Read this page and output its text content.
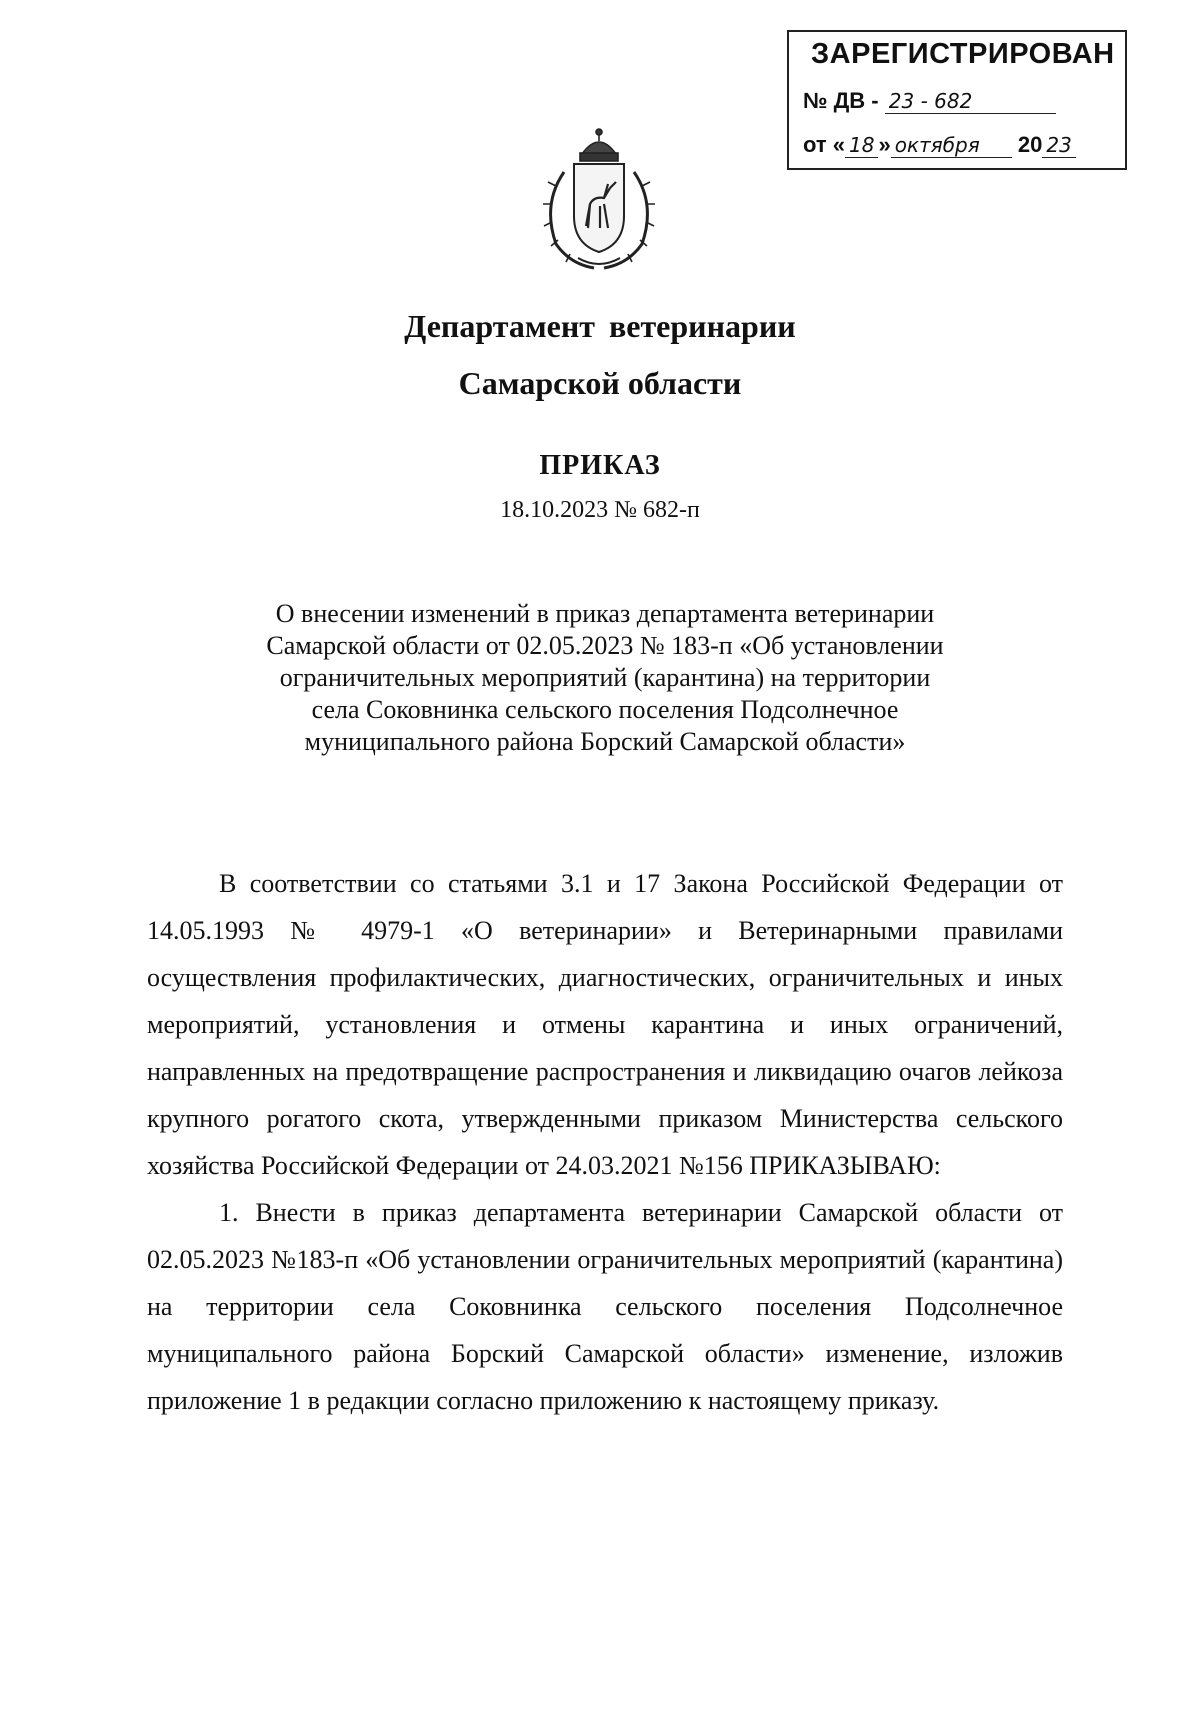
ЗАРЕГИСТРИРОВАН
№ ДВ - 23 - 682
от « 18 » октября 20 23
Департамент ветеринарии
Самарской области
ПРИКАЗ
18.10.2023 № 682-п
О внесении изменений в приказ департамента ветеринарии
Самарской области от 02.05.2023 № 183-п «Об установлении
ограничительных мероприятий (карантина) на территории
села Соковнинка сельского поселения Подсолнечное
муниципального района Борский Самарской области»

В соответствии со статьями 3.1 и 17 Закона Российской Федерации от 14.05.1993 № 4979-1 «О ветеринарии» и Ветеринарными правилами осуществления профилактических, диагностических, ограничительных и иных мероприятий, установления и отмены карантина и иных ограничений, направленных на предотвращение распространения и ликвидацию очагов лейкоза крупного рогатого скота, утвержденными приказом Министерства сельского хозяйства Российской Федерации от 24.03.2021 №156 ПРИКАЗЫВАЮ:

1. Внести в приказ департамента ветеринарии Самарской области от 02.05.2023 №183-п «Об установлении ограничительных мероприятий (карантина) на территории села Соковнинка сельского поселения Подсолнечное муниципального района Борский Самарской области» изменение, изложив приложение 1 в редакции согласно приложению к настоящему приказу.
